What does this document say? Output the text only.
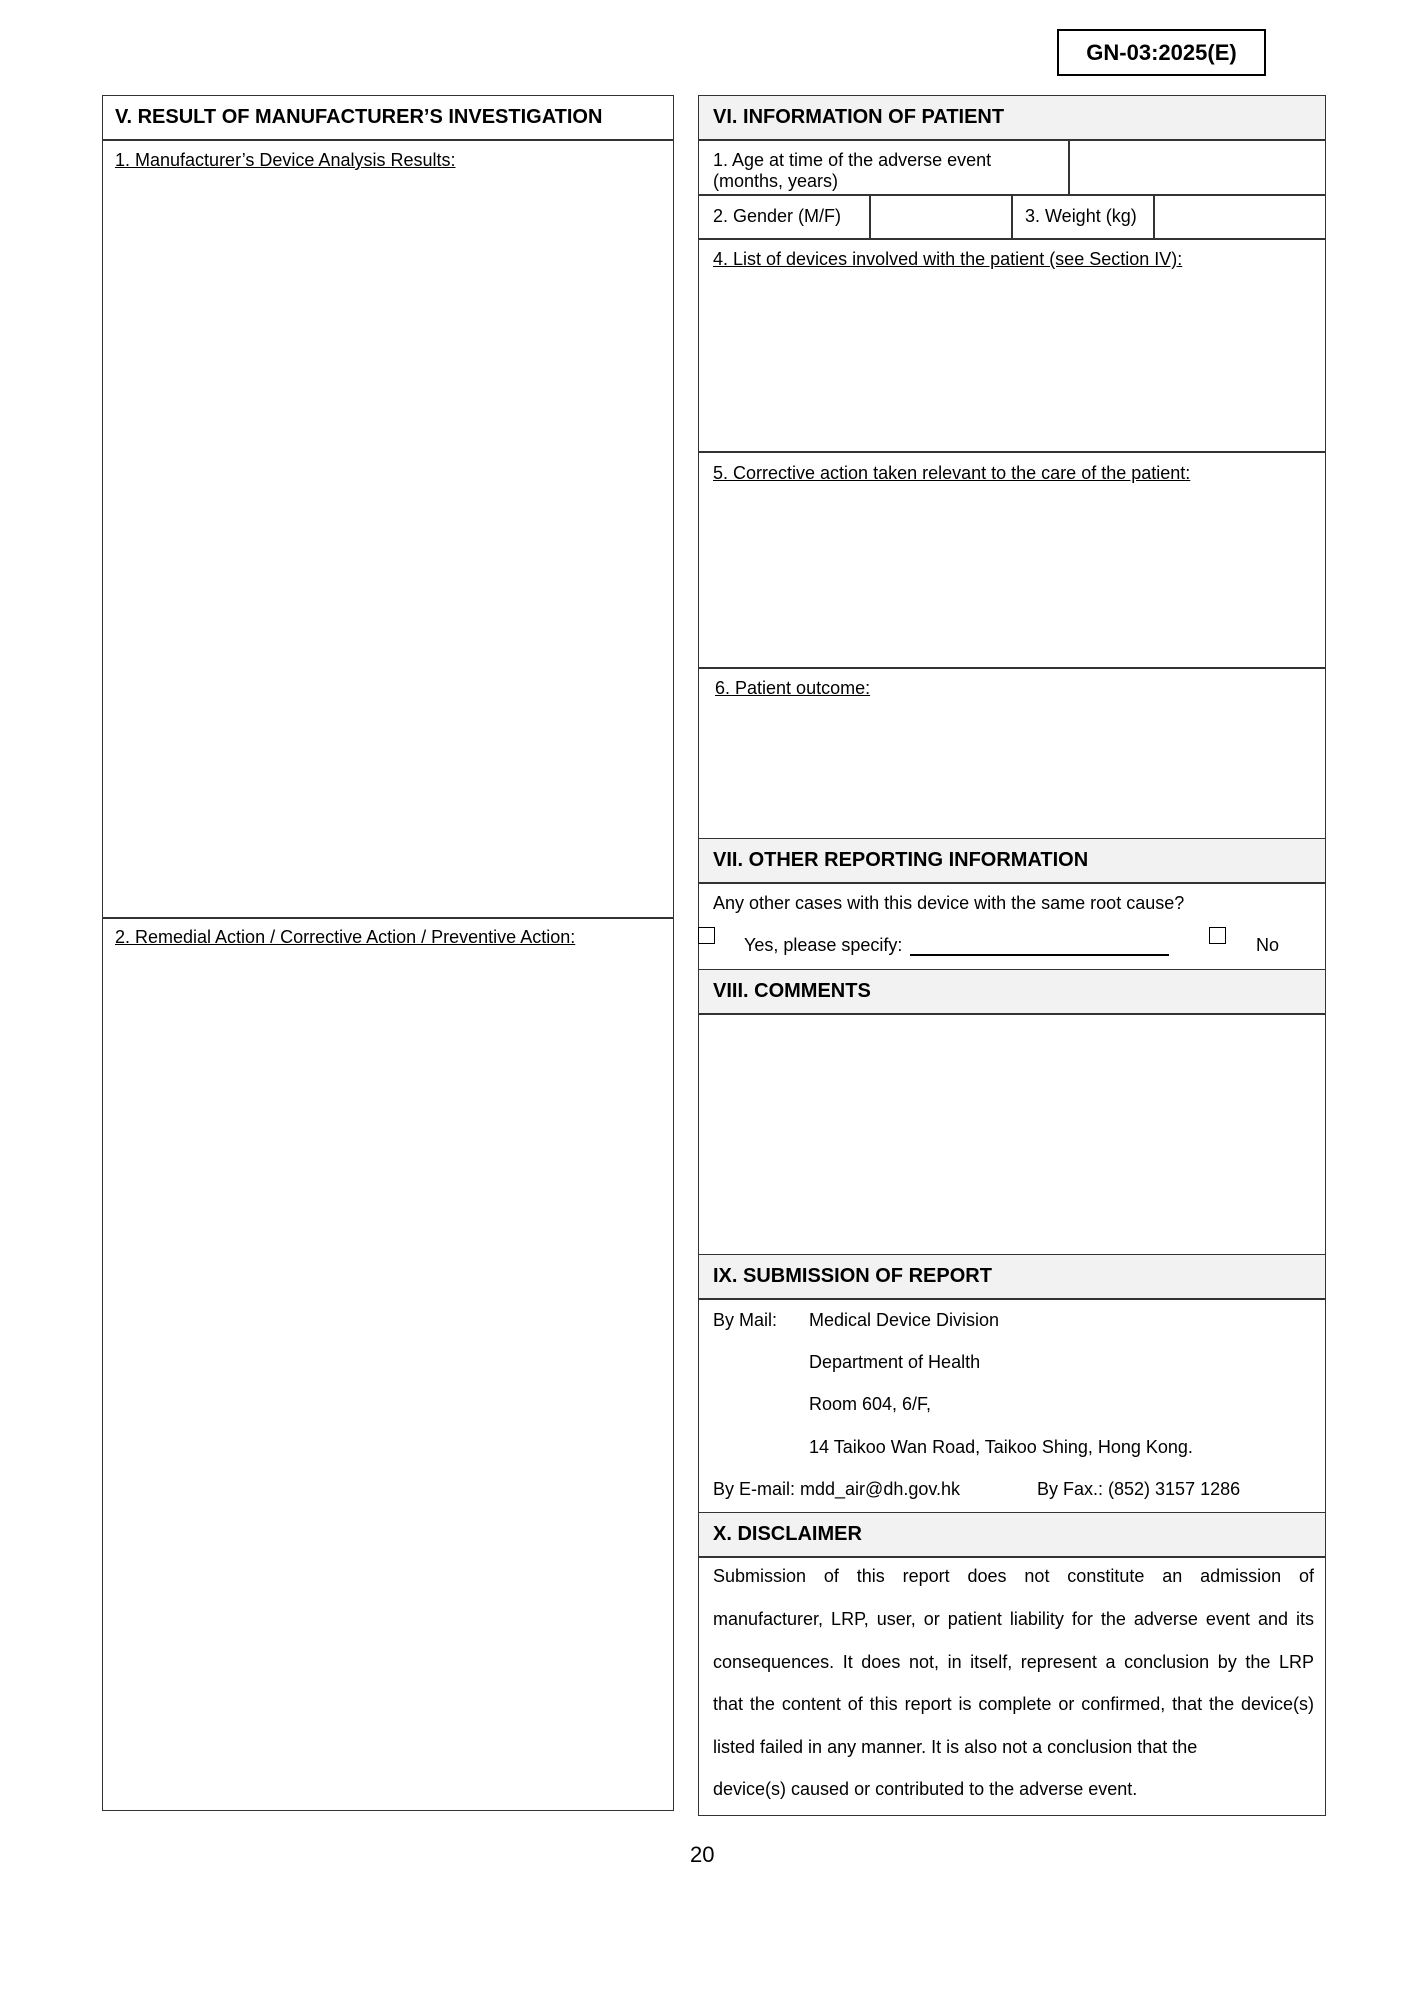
GN-03:2025(E)
V. RESULT OF MANUFACTURER’S INVESTIGATION
1. Manufacturer’s Device Analysis Results:
2. Remedial Action / Corrective Action / Preventive Action:
VI. INFORMATION OF PATIENT
1. Age at time of the adverse event
(months, years)
2. Gender (M/F)	3. Weight (kg)
4. List of devices involved with the patient (see Section IV):
5. Corrective action taken relevant to the care of the patient:
6. Patient outcome:
VII. OTHER REPORTING INFORMATION
Any other cases with this device with the same root cause?
Yes, please specify:	No
VIII. COMMENTS
IX. SUBMISSION OF REPORT
By Mail: Medical Device Division
Department of Health
Room 604, 6/F,
14 Taikoo Wan Road, Taikoo Shing, Hong Kong.
By E-mail: mdd_air@dh.gov.hk	By Fax.: (852) 3157 1286
X. DISCLAIMER
Submission of this report does not constitute an admission of
manufacturer, LRP, user, or patient liability for the adverse event and its
consequences. It does not, in itself, represent a conclusion by the LRP
that the content of this report is complete or confirmed, that the device(s)
listed failed in any manner. It is also not a conclusion that the
device(s) caused or contributed to the adverse event.
20
